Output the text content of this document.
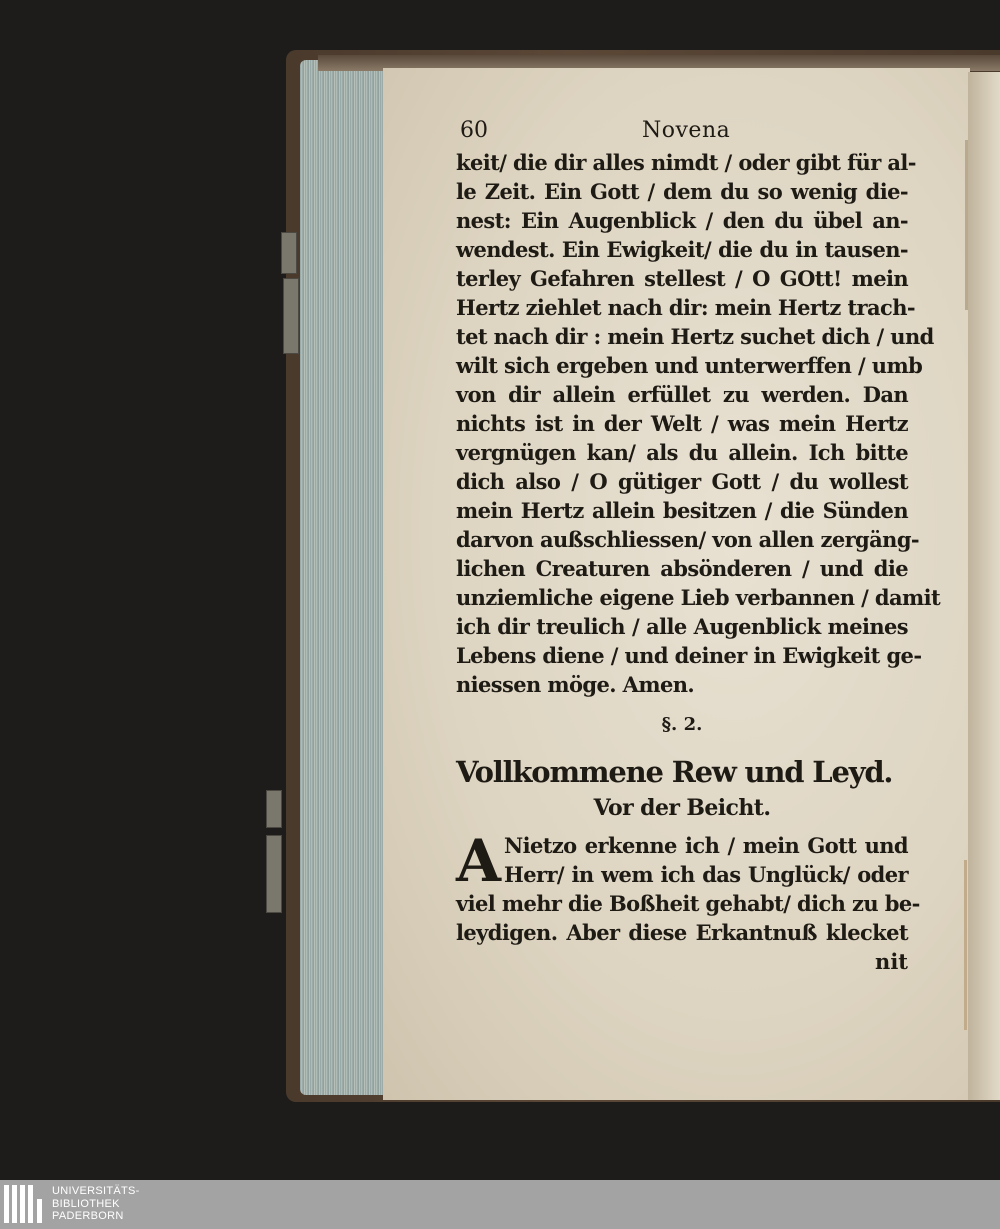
60	Novena
keit/ die dir alles nimdt / oder gibt für al-
le Zeit. Ein Gott / dem du so wenig die-
nest: Ein Augenblick / den du übel an-
wendest. Ein Ewigkeit/ die du in tausen-
terley Gefahren stellest / O GOtt! mein
Hertz ziehlet nach dir: mein Hertz trach-
tet nach dir : mein Hertz suchet dich / und
wilt sich ergeben und unterwerffen / umb
von dir allein erfüllet zu werden. Dan
nichts ist in der Welt / was mein Hertz
vergnügen kan/ als du allein. Ich bitte
dich also / O gütiger Gott / du wollest
mein Hertz allein besitzen / die Sünden
darvon außschliessen/ von allen zergäng-
lichen Creaturen absönderen / und die
unziemliche eigene Lieb verbannen / damit
ich dir treulich / alle Augenblick meines
Lebens diene / und deiner in Ewigkeit ge-
niessen möge. Amen.
§. 2.
Vollkommene Rew und Leyd.
Vor der Beicht.
A Nietzo erkenne ich / mein Gott und
Herr/ in wem ich das Unglück/ oder
viel mehr die Boßheit gehabt/ dich zu be-
leydigen. Aber diese Erkantnuß klecket
nit
UNIVERSITÄTS-
BIBLIOTHEK
PADERBORN
